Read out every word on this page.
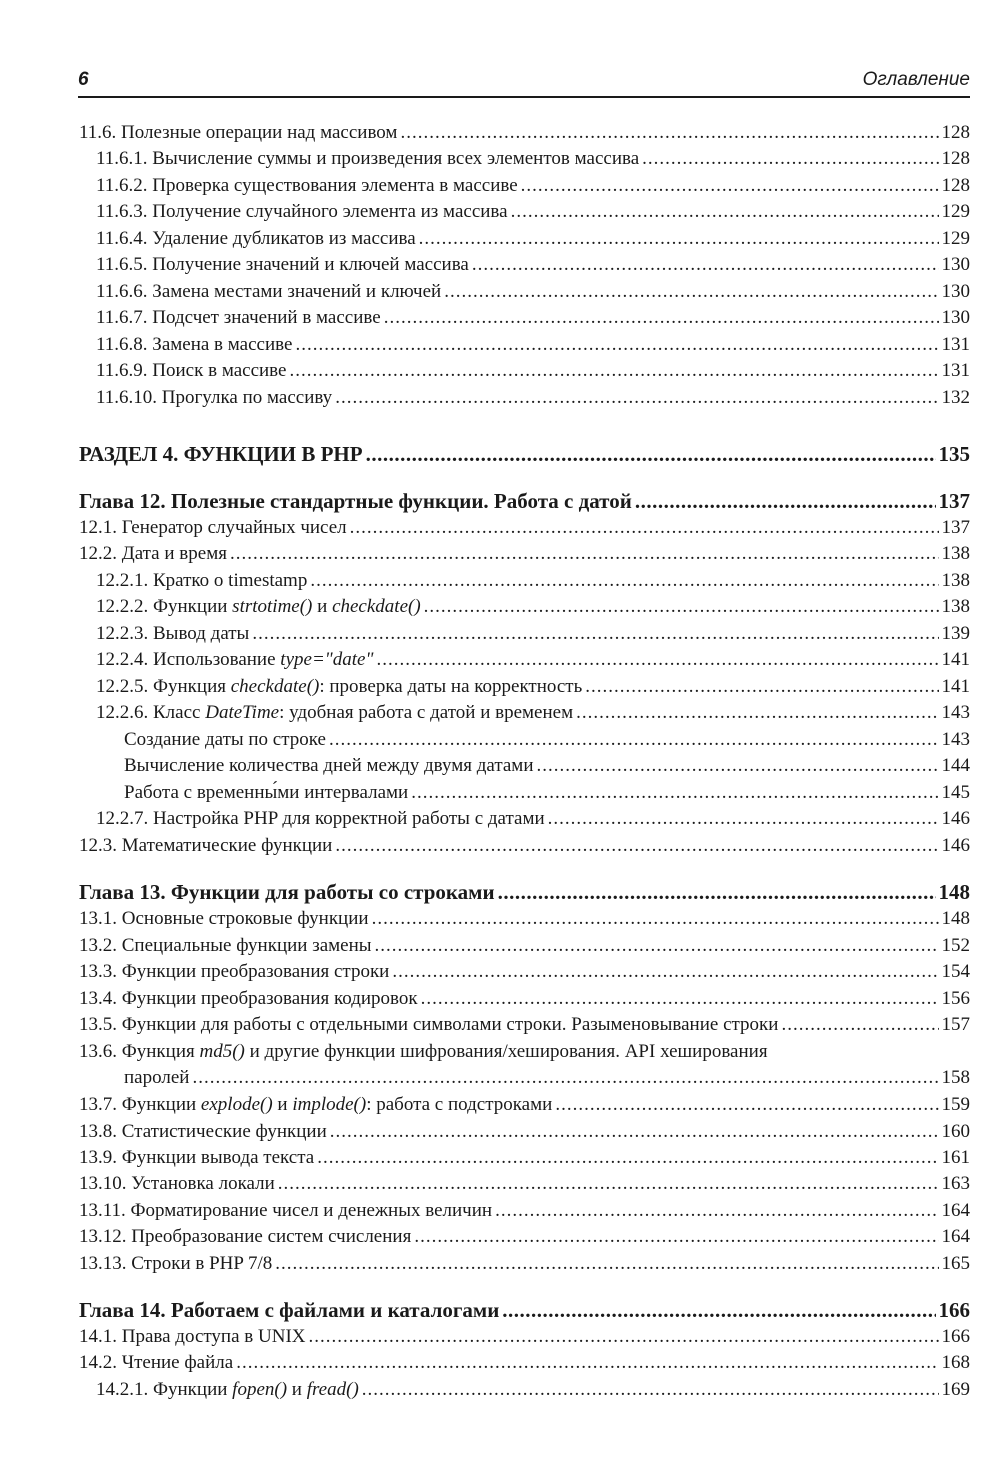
6	Оглавление
11.6. Полезные операции над массивом .....	128
11.6.1. Вычисление суммы и произведения всех элементов массива .....	128
11.6.2. Проверка существования элемента в массиве .....	128
11.6.3. Получение случайного элемента из массива .....	129
11.6.4. Удаление дубликатов из массива .....	129
11.6.5. Получение значений и ключей массива .....	130
11.6.6. Замена местами значений и ключей .....	130
11.6.7. Подсчет значений в массиве .....	130
11.6.8. Замена в массиве .....	131
11.6.9. Поиск в массиве .....	131
11.6.10. Прогулка по массиву .....	132
РАЗДЕЛ 4. ФУНКЦИИ В PHP .....	135
Глава 12. Полезные стандартные функции. Работа с датой .....	137
12.1. Генератор случайных чисел .....	137
12.2. Дата и время .....	138
12.2.1. Кратко о timestamp .....	138
12.2.2. Функции strtotime() и checkdate() .....	138
12.2.3. Вывод даты .....	139
12.2.4. Использование type="date" .....	141
12.2.5. Функция checkdate(): проверка даты на корректность .....	141
12.2.6. Класс DateTime: удобная работа с датой и временем .....	143
Создание даты по строке .....	143
Вычисление количества дней между двумя датами .....	144
Работа с временны́ми интервалами .....	145
12.2.7. Настройка PHP для корректной работы с датами .....	146
12.3. Математические функции .....	146
Глава 13. Функции для работы со строками .....	148
13.1. Основные строковые функции .....	148
13.2. Специальные функции замены .....	152
13.3. Функции преобразования строки .....	154
13.4. Функции преобразования кодировок .....	156
13.5. Функции для работы с отдельными символами строки. Разыменовывание строки .....	157
13.6. Функция md5() и другие функции шифрования/хеширования. API хеширования
паролей .....	158
13.7. Функции explode() и implode(): работа с подстроками .....	159
13.8. Статистические функции .....	160
13.9. Функции вывода текста .....	161
13.10. Установка локали .....	163
13.11. Форматирование чисел и денежных величин .....	164
13.12. Преобразование систем счисления .....	164
13.13. Строки в PHP 7/8 .....	165
Глава 14. Работаем с файлами и каталогами .....	166
14.1. Права доступа в UNIX .....	166
14.2. Чтение файла .....	168
14.2.1. Функции fopen() и fread() .....	169
